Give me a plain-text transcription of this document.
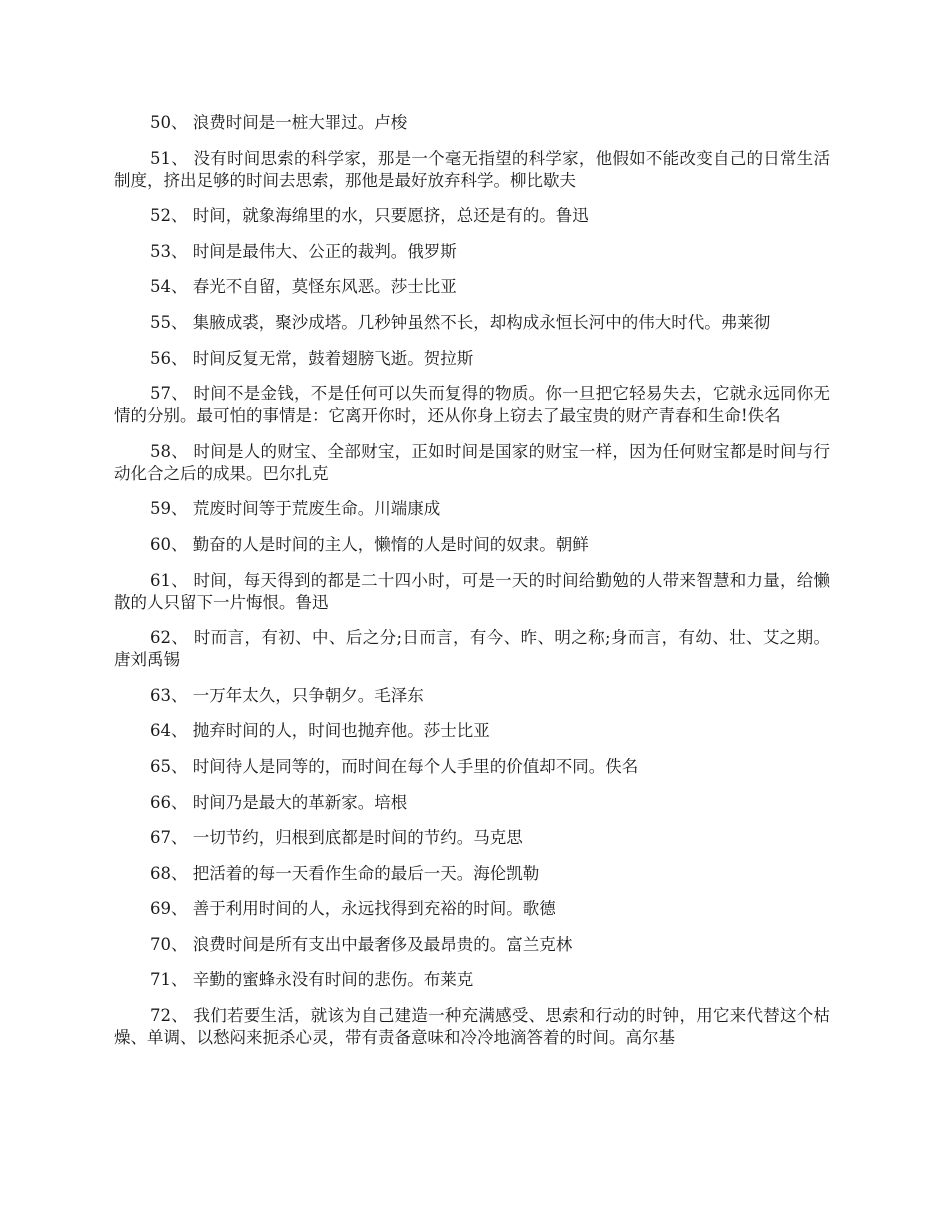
50、 浪费时间是一桩大罪过。卢梭

51、 没有时间思索的科学家，那是一个毫无指望的科学家，他假如不能改变自己的日常生活制度，挤出足够的时间去思索，那他是最好放弃科学。柳比歇夫

52、 时间，就象海绵里的水，只要愿挤，总还是有的。鲁迅

53、 时间是最伟大、公正的裁判。俄罗斯

54、 春光不自留，莫怪东风恶。莎士比亚

55、 集腋成裘，聚沙成塔。几秒钟虽然不长，却构成永恒长河中的伟大时代。弗莱彻

56、 时间反复无常，鼓着翅膀飞逝。贺拉斯

57、 时间不是金钱，不是任何可以失而复得的物质。你一旦把它轻易失去，它就永远同你无情的分别。最可怕的事情是：它离开你时，还从你身上窃去了最宝贵的财产青春和生命!佚名

58、 时间是人的财宝、全部财宝，正如时间是国家的财宝一样，因为任何财宝都是时间与行动化合之后的成果。巴尔扎克

59、 荒废时间等于荒废生命。川端康成

60、 勤奋的人是时间的主人，懒惰的人是时间的奴隶。朝鲜

61、 时间，每天得到的都是二十四小时，可是一天的时间给勤勉的人带来智慧和力量，给懒散的人只留下一片悔恨。鲁迅

62、 时而言，有初、中、后之分;日而言，有今、昨、明之称;身而言，有幼、壮、艾之期。唐刘禹锡

63、 一万年太久，只争朝夕。毛泽东

64、 抛弃时间的人，时间也抛弃他。莎士比亚

65、 时间待人是同等的，而时间在每个人手里的价值却不同。佚名

66、 时间乃是最大的革新家。培根

67、 一切节约，归根到底都是时间的节约。马克思

68、 把活着的每一天看作生命的最后一天。海伦凯勒

69、 善于利用时间的人，永远找得到充裕的时间。歌德

70、 浪费时间是所有支出中最奢侈及最昂贵的。富兰克林

71、 辛勤的蜜蜂永没有时间的悲伤。布莱克

72、 我们若要生活，就该为自己建造一种充满感受、思索和行动的时钟，用它来代替这个枯燥、单调、以愁闷来扼杀心灵，带有责备意味和冷冷地滴答着的时间。高尔基
